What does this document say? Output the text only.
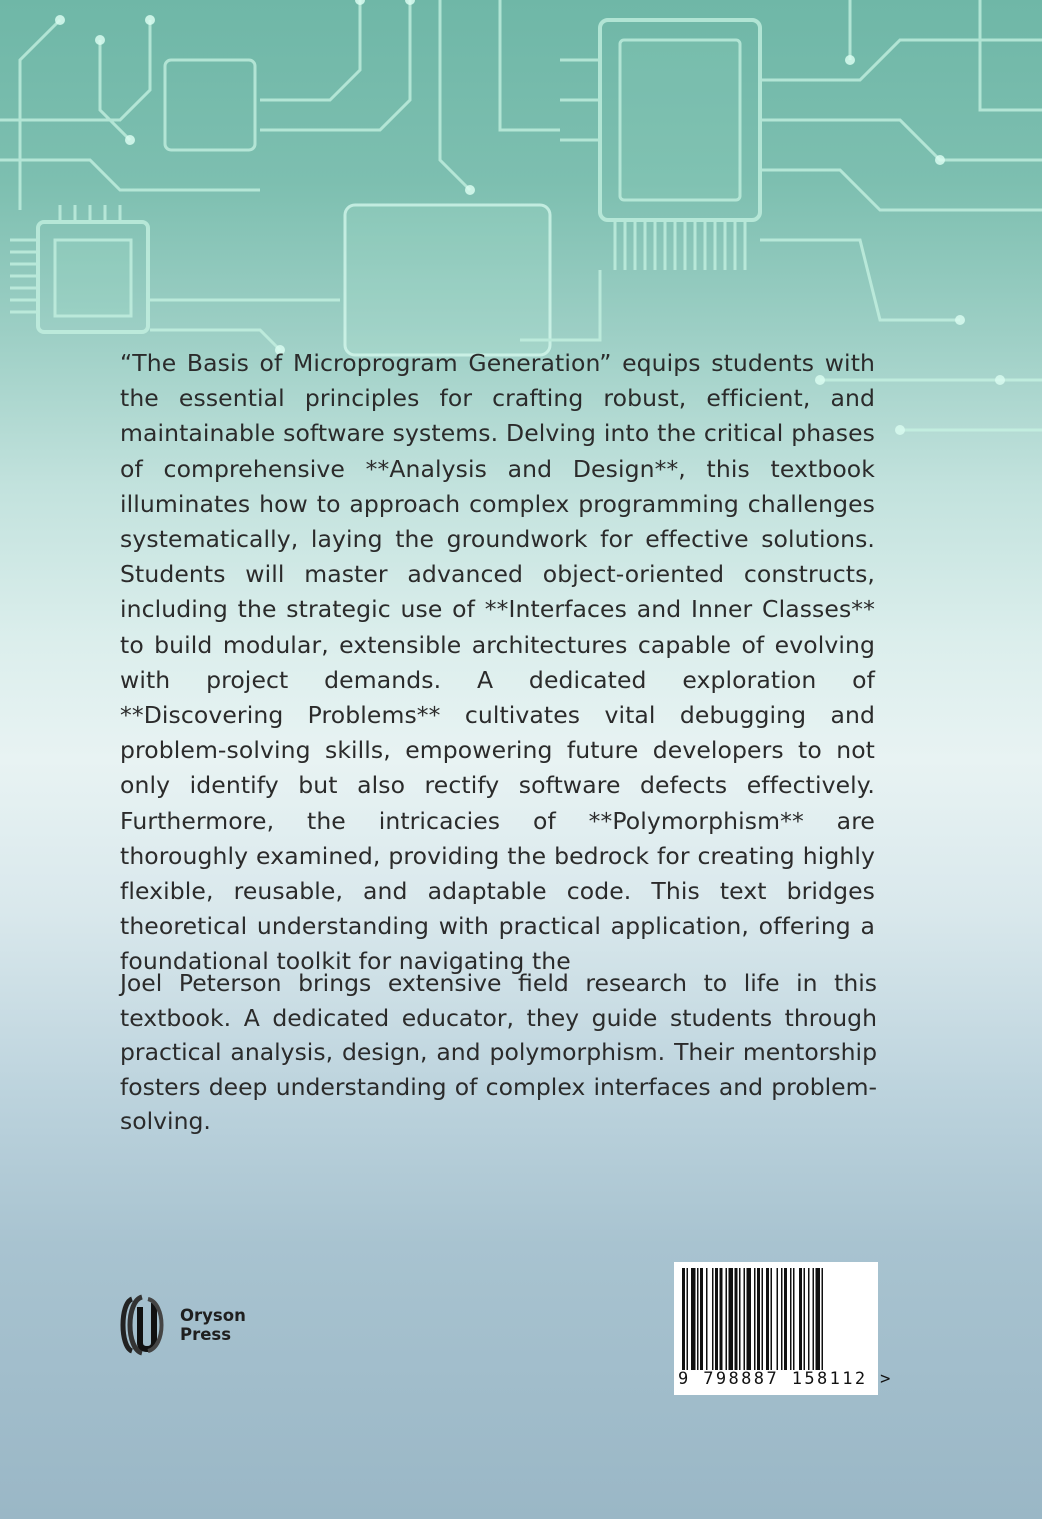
“The Basis of Microprogram Generation” equips students with the essential principles for crafting robust, efficient, and maintainable software systems. Delving into the critical phases of comprehensive **Analysis and Design**, this textbook illuminates how to approach complex programming challenges systematically, laying the groundwork for effective solutions. Students will master advanced object-oriented constructs, including the strategic use of **Interfaces and Inner Classes** to build modular, extensible architectures capable of evolving with project demands. A dedicated exploration of **Discovering Problems** cultivates vital debugging and problem-solving skills, empowering future developers to not only identify but also rectify software defects effectively. Furthermore, the intricacies of **Polymorphism** are thoroughly examined, providing the bedrock for creating highly flexible, reusable, and adaptable code. This text bridges theoretical understanding with practical application, offering a foundational toolkit for navigating the
Joel Peterson brings extensive field research to life in this textbook. A dedicated educator, they guide students through practical analysis, design, and polymorphism. Their mentorship fosters deep understanding of complex interfaces and problem-solving.
Oryson
Press
9 798887 158112 >
